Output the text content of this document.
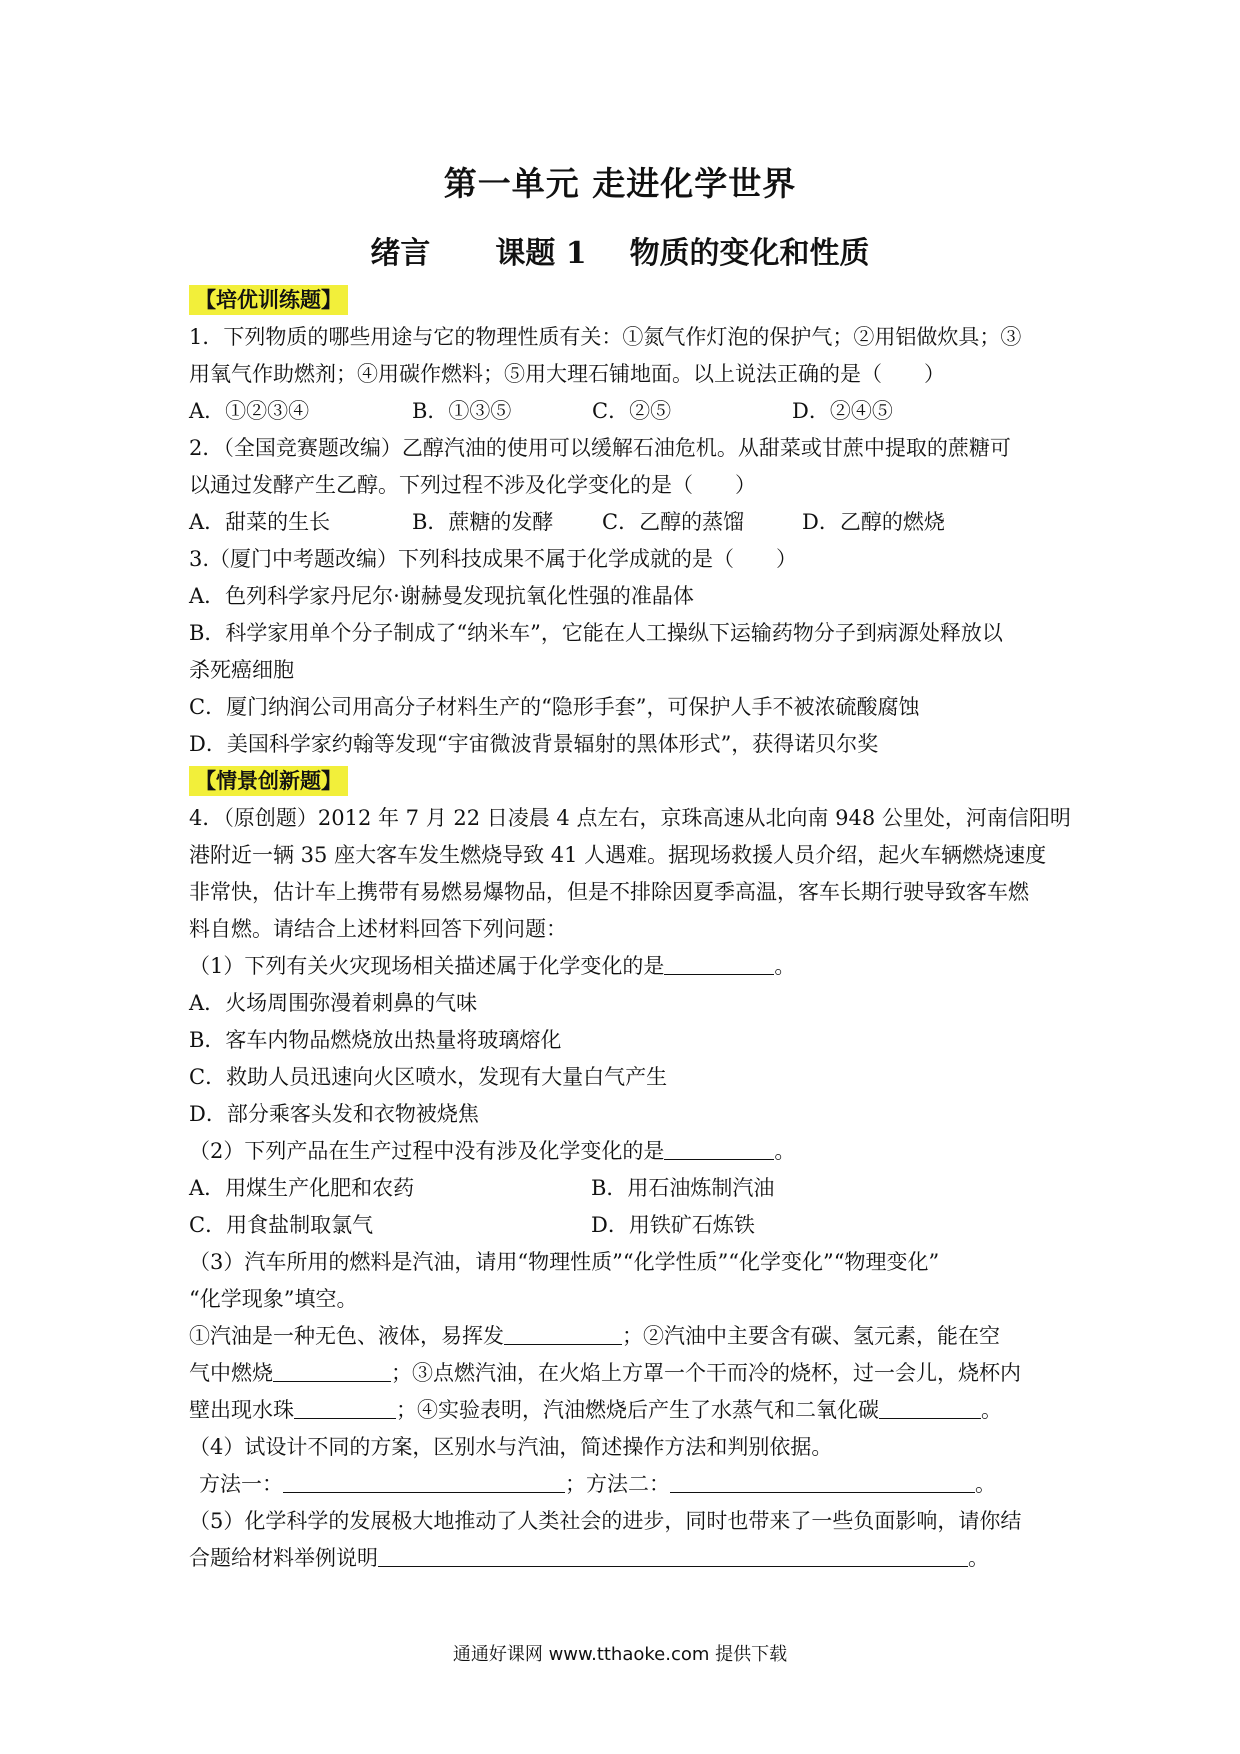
第一单元 走进化学世界
绪言 课题 1 物质的变化和性质
【培优训练题】
1．下列物质的哪些用途与它的物理性质有关：①氮气作灯泡的保护气；②用铝做炊具；③
用氧气作助燃剂；④用碳作燃料；⑤用大理石铺地面。以上说法正确的是（　　）
A．①②③④	B．①③⑤	C．②⑤	D．②④⑤
2．（全国竞赛题改编）乙醇汽油的使用可以缓解石油危机。从甜菜或甘蔗中提取的蔗糖可
以通过发酵产生乙醇。下列过程不涉及化学变化的是（　　）
A．甜菜的生长	B．蔗糖的发酵	C．乙醇的蒸馏	D．乙醇的燃烧
3.（厦门中考题改编）下列科技成果不属于化学成就的是（　　）
A．色列科学家丹尼尔·谢赫曼发现抗氧化性强的准晶体
B．科学家用单个分子制成了“纳米车”，它能在人工操纵下运输药物分子到病源处释放以
杀死癌细胞
C．厦门纳润公司用高分子材料生产的“隐形手套”，可保护人手不被浓硫酸腐蚀
D．美国科学家约翰等发现“宇宙微波背景辐射的黑体形式”，获得诺贝尔奖
【情景创新题】
4．（原创题）2012 年 7 月 22 日凌晨 4 点左右，京珠高速从北向南 948 公里处，河南信阳明
港附近一辆 35 座大客车发生燃烧导致 41 人遇难。据现场救援人员介绍，起火车辆燃烧速度
非常快，估计车上携带有易燃易爆物品，但是不排除因夏季高温，客车长期行驶导致客车燃
料自燃。请结合上述材料回答下列问题：
（1）下列有关火灾现场相关描述属于化学变化的是	。
A．火场周围弥漫着刺鼻的气味
B．客车内物品燃烧放出热量将玻璃熔化
C．救助人员迅速向火区喷水，发现有大量白气产生
D．部分乘客头发和衣物被烧焦
（2）下列产品在生产过程中没有涉及化学变化的是	。
A．用煤生产化肥和农药	B．用石油炼制汽油
C．用食盐制取氯气	D．用铁矿石炼铁
（3）汽车所用的燃料是汽油，请用“物理性质”“化学性质”“化学变化”“物理变化”
“化学现象”填空。
①汽油是一种无色、液体，易挥发	；②汽油中主要含有碳、氢元素，能在空
气中燃烧	；③点燃汽油，在火焰上方罩一个干而冷的烧杯，过一会儿，烧杯内
壁出现水珠	；④实验表明，汽油燃烧后产生了水蒸气和二氧化碳	。
（4）试设计不同的方案，区别水与汽油，简述操作方法和判别依据。
方法一：	；方法二：	。
（5）化学科学的发展极大地推动了人类社会的进步，同时也带来了一些负面影响，请你结
合题给材料举例说明	。
通通好课网 www.tthaoke.com 提供下载
